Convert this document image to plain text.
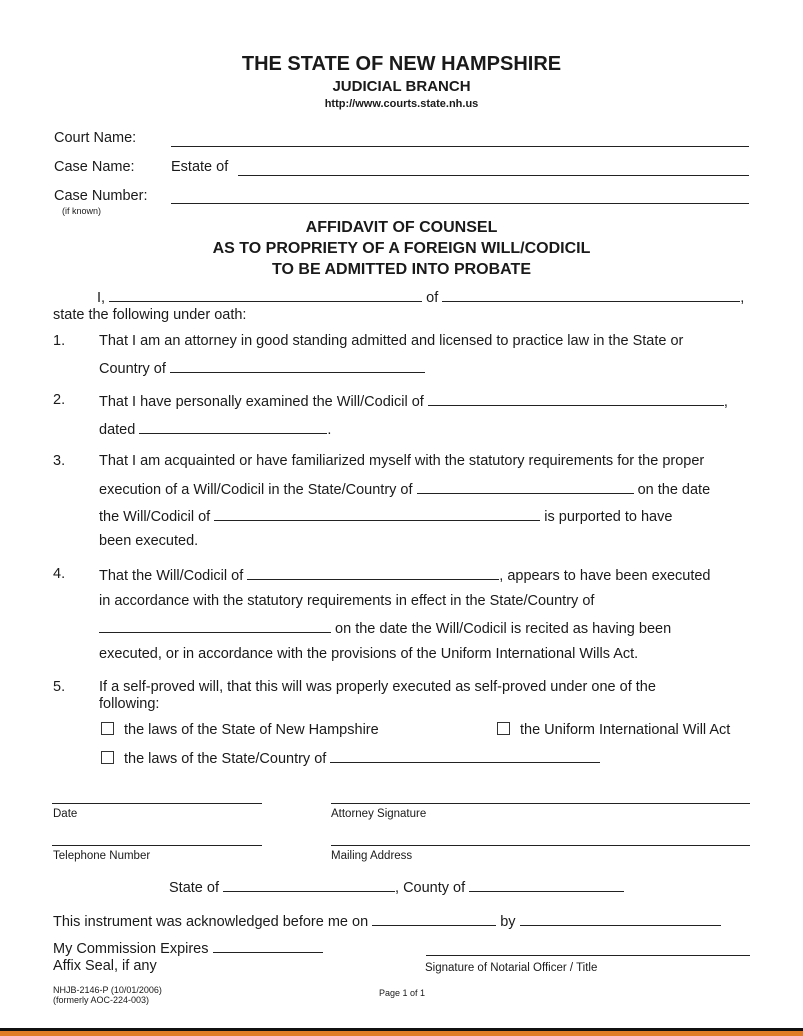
THE STATE OF NEW HAMPSHIRE
JUDICIAL BRANCH
http://www.courts.state.nh.us
Court Name:
Case Name:	Estate of
Case Number:
(if known)
AFFIDAVIT OF COUNSEL
AS TO PROPRIETY OF A FOREIGN WILL/CODICIL
TO BE ADMITTED INTO PROBATE
I,	of	,
state the following under oath:
1. That I am an attorney in good standing admitted and licensed to practice law in the State or
Country of
2. That I have personally examined the Will/Codicil of	,
dated	.
3. That I am acquainted or have familiarized myself with the statutory requirements for the proper
execution of a Will/Codicil in the State/Country of	on the date
the Will/Codicil of	is purported to have
been executed.
4. That the Will/Codicil of	, appears to have been executed
in accordance with the statutory requirements in effect in the State/Country of
on the date the Will/Codicil is recited as having been
executed, or in accordance with the provisions of the Uniform International Wills Act.
5. If a self-proved will, that this will was properly executed as self-proved under one of the
following:
the laws of the State of New Hampshire	the Uniform International Will Act
the laws of the State/Country of
Date	Attorney Signature
Telephone Number	Mailing Address
State of	, County of
This instrument was acknowledged before me on	by
My Commission Expires
Affix Seal, if any	Signature of Notarial Officer / Title
NHJB-2146-P (10/01/2006)
(formerly AOC-224-003)
Page 1 of 1
